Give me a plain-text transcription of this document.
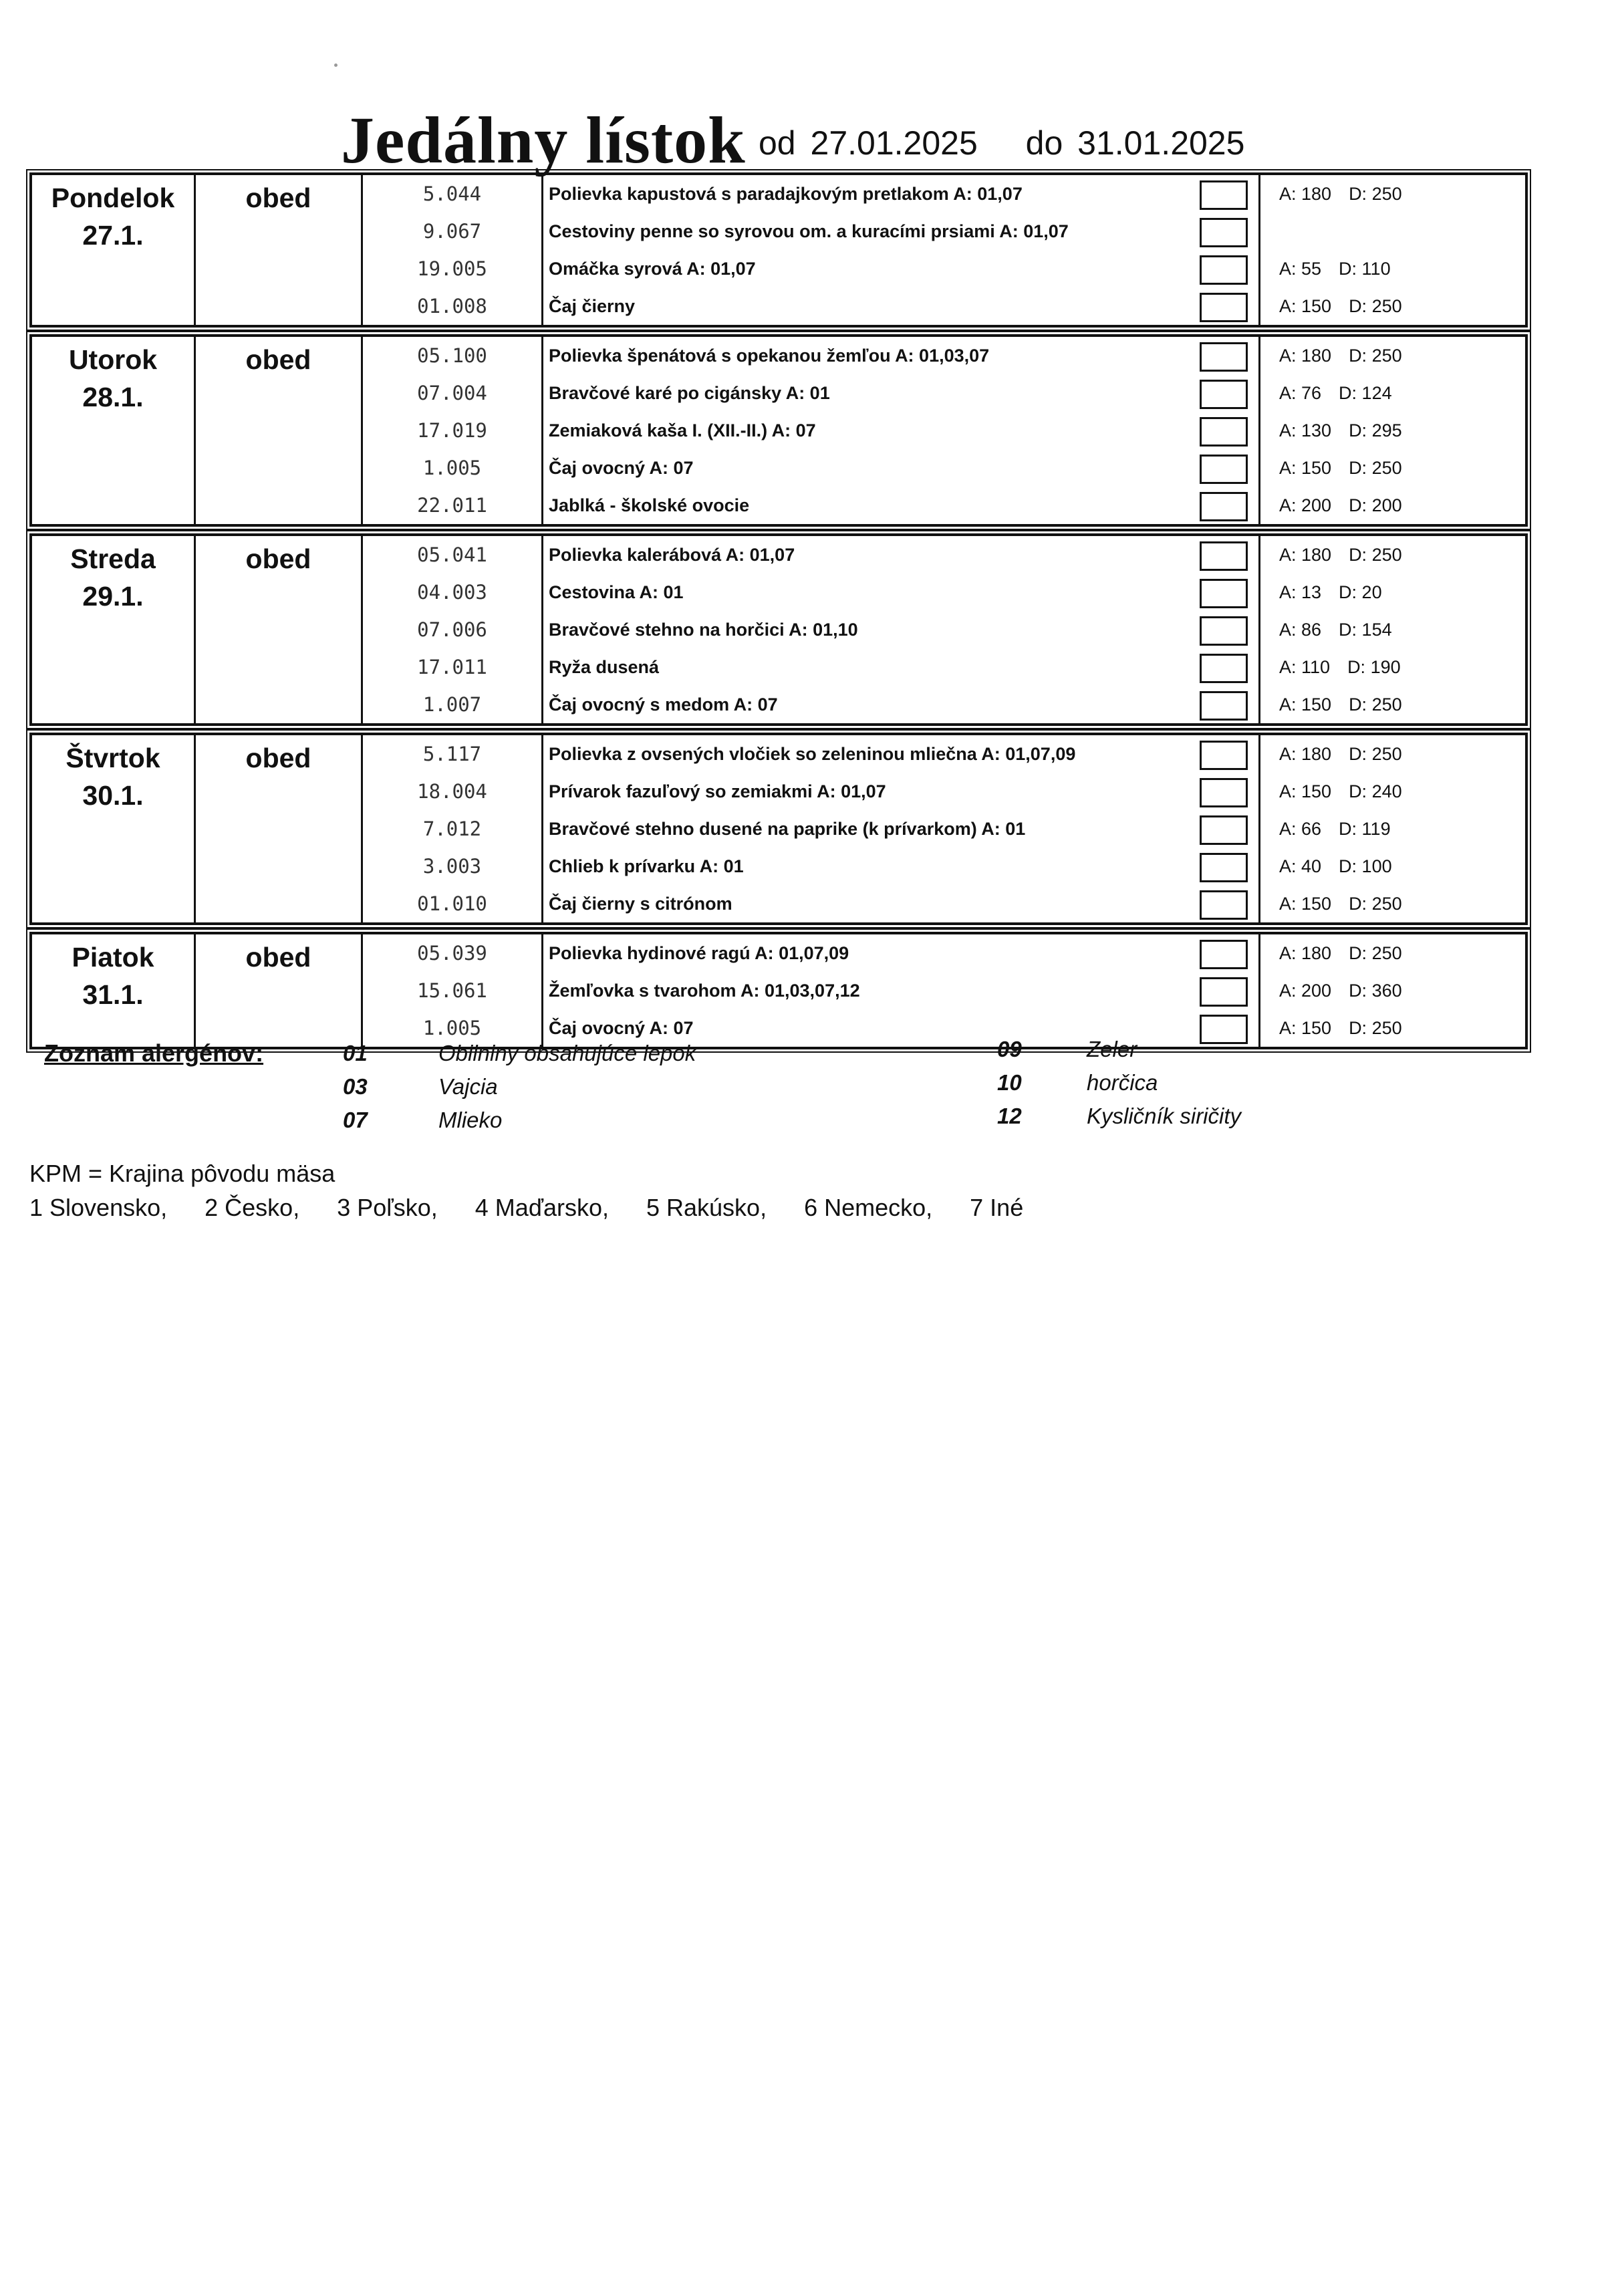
Jedálny lístok od 27.01.2025 do 31.01.2025
Pondelok
27.1.
obed	5.044	Polievka kapustová s paradajkovým pretlakom A: 01,07	A: 180 D: 250
9.067	Cestoviny penne so syrovou om. a kuracími prsiami A: 01,07
19.005	Omáčka syrová A: 01,07	A: 55 D: 110
01.008	Čaj čierny	A: 150 D: 250
Utorok
28.1.
obed	05.100	Polievka špenátová s opekanou žemľou A: 01,03,07	A: 180 D: 250
07.004	Bravčové karé po cigánsky A: 01	A: 76 D: 124
17.019	Zemiaková kaša I. (XII.-II.) A: 07	A: 130 D: 295
1.005	Čaj ovocný A: 07	A: 150 D: 250
22.011	Jablká - školské ovocie	A: 200 D: 200
Streda
29.1.
obed	05.041	Polievka kalerábová A: 01,07	A: 180 D: 250
04.003	Cestovina A: 01	A: 13 D: 20
07.006	Bravčové stehno na horčici A: 01,10	A: 86 D: 154
17.011	Ryža dusená	A: 110 D: 190
1.007	Čaj ovocný s medom A: 07	A: 150 D: 250
Štvrtok
30.1.
obed	5.117	Polievka z ovsených vločiek so zeleninou mliečna A: 01,07,09	A: 180 D: 250
18.004	Prívarok fazuľový so zemiakmi A: 01,07	A: 150 D: 240
7.012	Bravčové stehno dusené na paprike (k prívarkom) A: 01	A: 66 D: 119
3.003	Chlieb k prívarku A: 01	A: 40 D: 100
01.010	Čaj čierny s citrónom	A: 150 D: 250
Piatok
31.1.
obed	05.039	Polievka hydinové ragú A: 01,07,09	A: 180 D: 250
15.061	Žemľovka s tvarohom A: 01,03,07,12	A: 200 D: 360
1.005	Čaj ovocný A: 07	A: 150 D: 250
Zoznam alergénov:	01	Obilniny obsahujúce lepok
03	Vajcia
07	Mlieko
09	Zeler
10	horčica
12	Kysličník siričity
KPM = Krajina pôvodu mäsa
1 Slovensko, 2 Česko, 3 Poľsko, 4 Maďarsko, 5 Rakúsko, 6 Nemecko, 7 Iné
